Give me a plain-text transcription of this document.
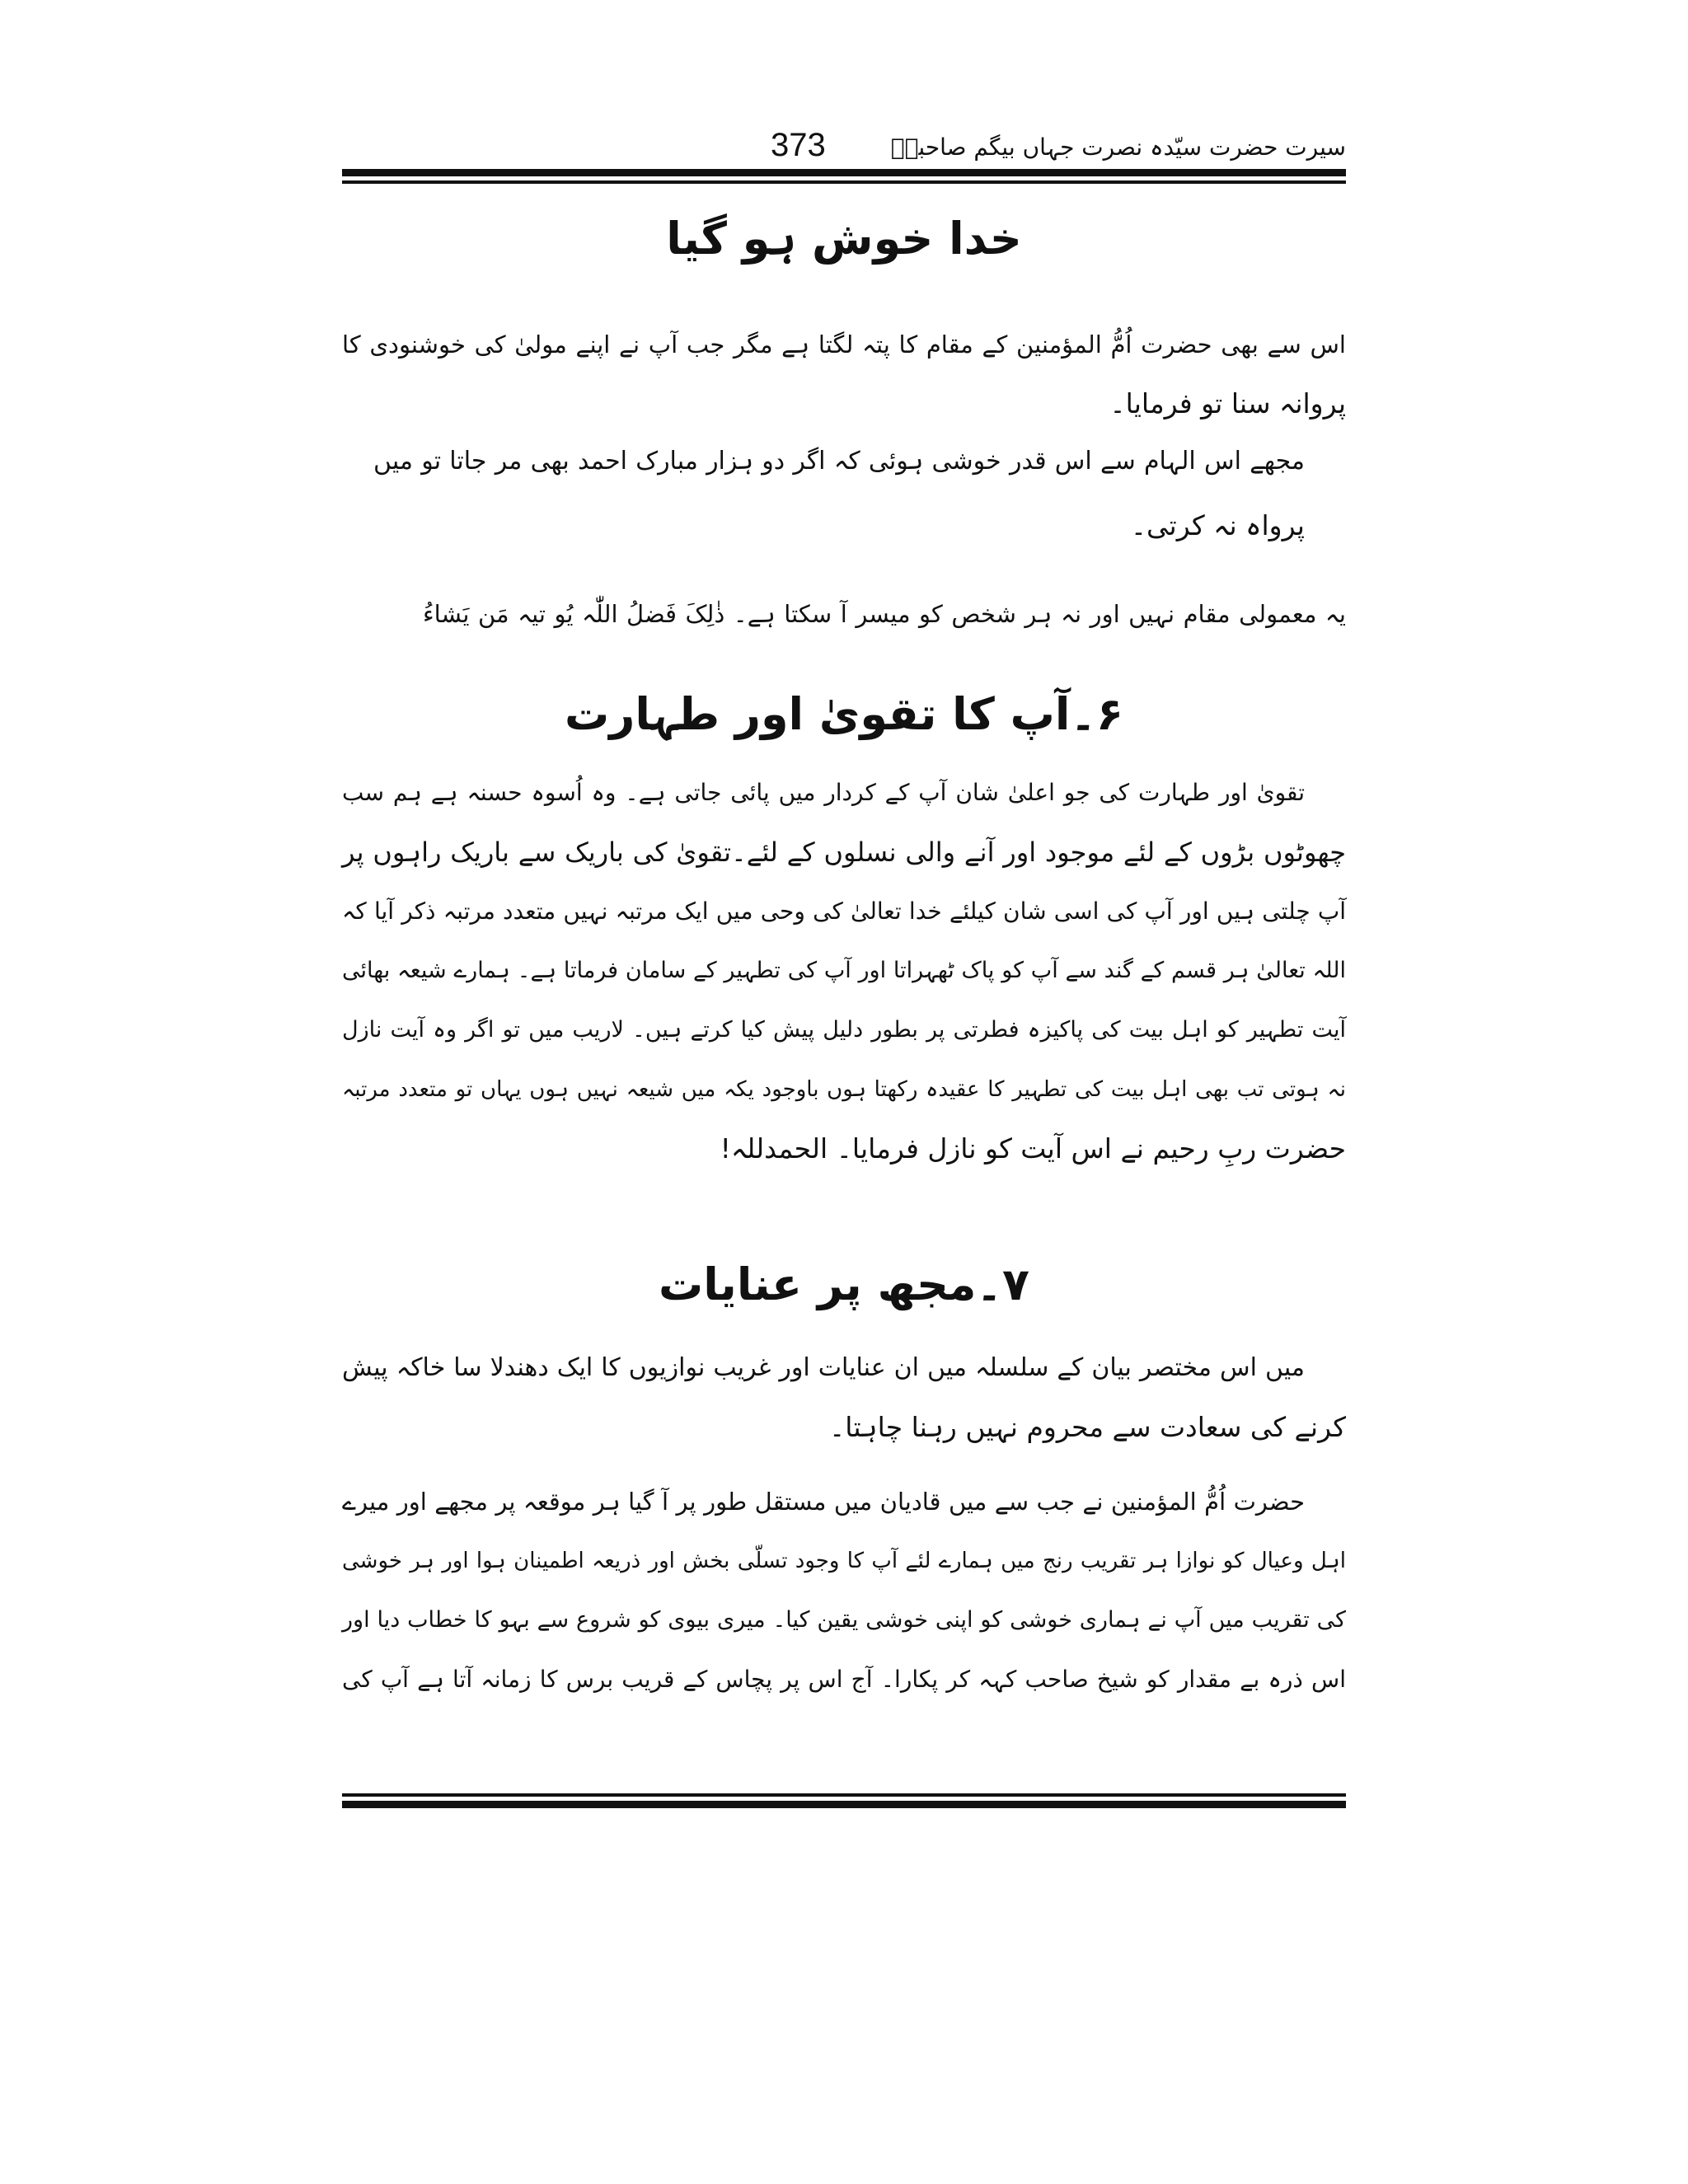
سیرت حضرت سیّدہ نصرت جہاں بیگم صاحبہؓ
373
خدا خوش ہو گیا
اس سے بھی حضرت اُمُّ المؤمنین کے مقام کا پتہ لگتا ہے مگر جب آپ نے اپنے مولیٰ کی خوشنودی کا
پروانہ سنا تو فرمایا۔
مجھے اس الہام سے اس قدر خوشی ہوئی کہ اگر دو ہزار مبارک احمد بھی مر جاتا تو میں
پرواہ نہ کرتی۔
یہ معمولی مقام نہیں اور نہ ہر شخص کو میسر آ سکتا ہے۔ ذٰلِکَ فَضلُ اللّٰہ یُو تیہ مَن یَشاءُ
۶۔آپ کا تقویٰ اور طہارت
تقویٰ اور طہارت کی جو اعلیٰ شان آپ کے کردار میں پائی جاتی ہے۔ وہ اُسوہ حسنہ ہے ہم سب
چھوٹوں بڑوں کے لئے موجود اور آنے والی نسلوں کے لئے۔تقویٰ کی باریک سے باریک راہوں پر
آپ چلتی ہیں اور آپ کی اسی شان کیلئے خدا تعالیٰ کی وحی میں ایک مرتبہ نہیں متعدد مرتبہ ذکر آیا کہ
اللہ تعالیٰ ہر قسم کے گند سے آپ کو پاک ٹھہراتا اور آپ کی تطہیر کے سامان فرماتا ہے۔ ہمارے شیعہ بھائی
آیت تطہیر کو اہل بیت کی پاکیزہ فطرتی پر بطور دلیل پیش کیا کرتے ہیں۔ لاریب میں تو اگر وہ آیت نازل
نہ ہوتی تب بھی اہل بیت کی تطہیر کا عقیدہ رکھتا ہوں باوجود یکہ میں شیعہ نہیں ہوں یہاں تو متعدد مرتبہ
حضرت ربِ رحیم نے اس آیت کو نازل فرمایا۔ الحمدللہ!
۷۔مجھ پر عنایات
میں اس مختصر بیان کے سلسلہ میں ان عنایات اور غریب نوازیوں کا ایک دھندلا سا خاکہ پیش
کرنے کی سعادت سے محروم نہیں رہنا چاہتا۔
حضرت اُمُّ المؤمنین نے جب سے میں قادیان میں مستقل طور پر آ گیا ہر موقعہ پر مجھے اور میرے
اہل وعیال کو نوازا ہر تقریب رنج میں ہمارے لئے آپ کا وجود تسلّی بخش اور ذریعہ اطمینان ہوا اور ہر خوشی
کی تقریب میں آپ نے ہماری خوشی کو اپنی خوشی یقین کیا۔ میری بیوی کو شروع سے بہو کا خطاب دیا اور
اس ذرہ بے مقدار کو شیخ صاحب کہہ کر پکارا۔ آج اس پر پچاس کے قریب برس کا زمانہ آتا ہے آپ کی
